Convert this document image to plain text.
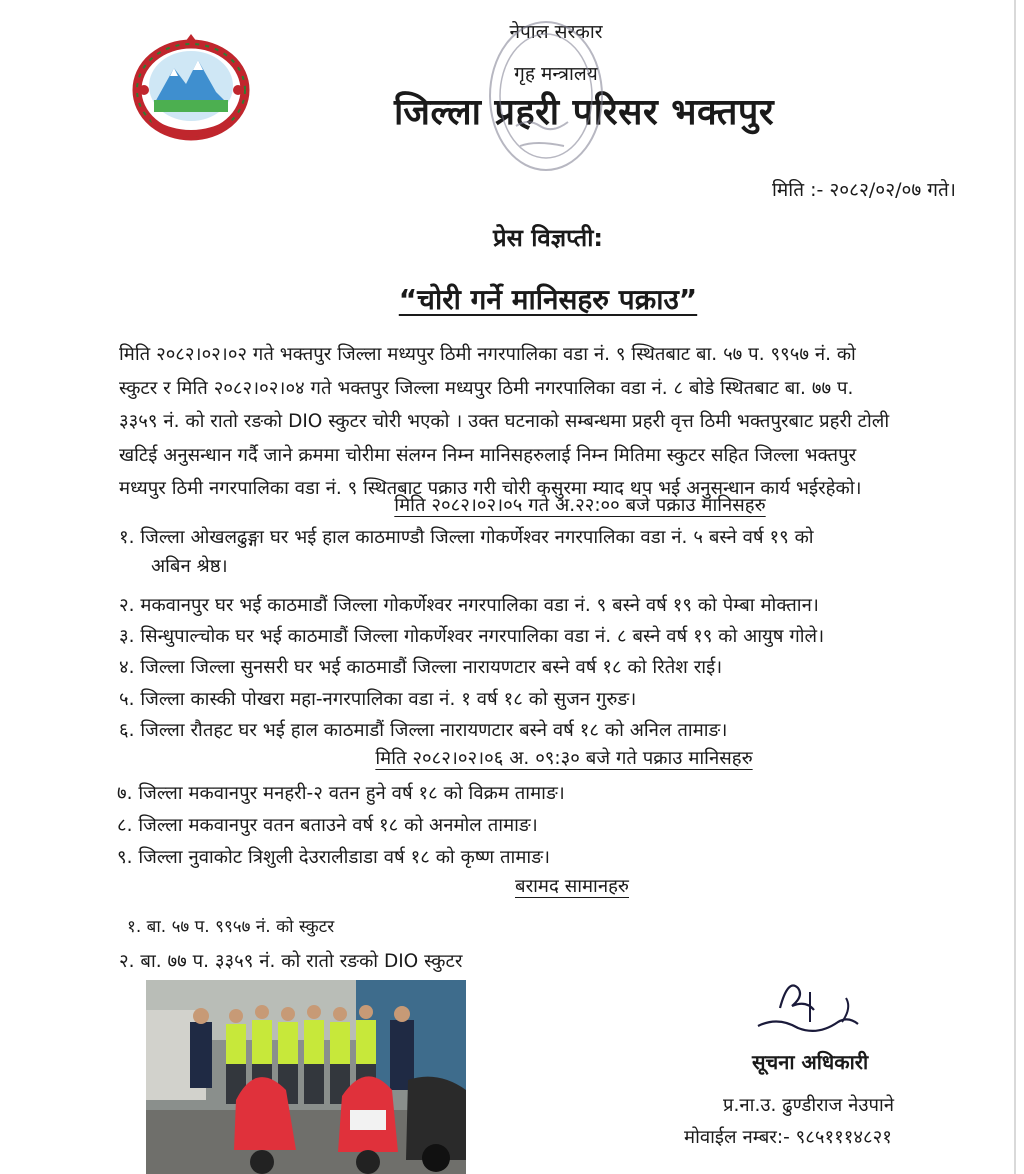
नेपाल सरकार
गृह मन्त्रालय
जिल्ला प्रहरी परिसर भक्तपुर
मिति :- २०८२/०२/०७ गते।
प्रेस विज्ञप्ती:
“चोरी गर्ने मानिसहरु पक्राउ”
मिति २०८२।०२।०२ गते भक्तपुर जिल्ला मध्यपुर ठिमी नगरपालिका वडा नं. ९ स्थितबाट बा. ५७ प. ९९५७ नं. को
स्कुटर र मिति २०८२।०२।०४ गते भक्तपुर जिल्ला मध्यपुर ठिमी नगरपालिका वडा नं. ८ बोडे स्थितबाट बा. ७७ प.
३३५९ नं. को रातो रङको DIO स्कुटर चोरी भएको । उक्त घटनाको सम्बन्धमा प्रहरी वृत्त ठिमी भक्तपुरबाट प्रहरी टोली
खटिई अनुसन्धान गर्दै जाने क्रममा चोरीमा संलग्न निम्न मानिसहरुलाई निम्न मितिमा स्कुटर सहित जिल्ला भक्तपुर
मध्यपुर ठिमी नगरपालिका वडा नं. ९ स्थितबाट पक्राउ गरी चोरी कसुरमा म्याद थप भई अनुसन्धान कार्य भईरहेको।
मिति २०८२।०२।०५ गते अ.२२:०० बजे पक्राउ मानिसहरु
१. जिल्ला ओखलढुङ्गा घर भई हाल काठमाण्डौ जिल्ला गोकर्णेश्वर नगरपालिका वडा नं. ५ बस्ने वर्ष १९ को
अबिन श्रेष्ठ।
२. मकवानपुर घर भई काठमाडौं जिल्ला गोकर्णेश्वर नगरपालिका वडा नं. ९ बस्ने वर्ष १९ को पेम्बा मोक्तान।
३. सिन्धुपाल्चोक घर भई काठमाडौं जिल्ला गोकर्णेश्वर नगरपालिका वडा नं. ८ बस्ने वर्ष १९ को आयुष गोले।
४. जिल्ला जिल्ला सुनसरी घर भई काठमाडौं जिल्ला नारायणटार बस्ने वर्ष १८ को रितेश राई।
५. जिल्ला कास्की पोखरा महा-नगरपालिका वडा नं. १ वर्ष १८ को सुजन गुरुङ।
६. जिल्ला रौतहट घर भई हाल काठमाडौं जिल्ला नारायणटार बस्ने वर्ष १८ को अनिल तामाङ।
मिति २०८२।०२।०६ अ. ०९:३० बजे गते पक्राउ मानिसहरु
७. जिल्ला मकवानपुर मनहरी-२ वतन हुने वर्ष १८ को विक्रम तामाङ।
८. जिल्ला मकवानपुर वतन बताउने वर्ष १८ को अनमोल तामाङ।
९. जिल्ला नुवाकोट त्रिशुली देउरालीडाडा वर्ष १८ को कृष्ण तामाङ।
बरामद सामानहरु
१. बा. ५७ प. ९९५७ नं. को स्कुटर
२. बा. ७७ प. ३३५९ नं. को रातो रङको DIO स्कुटर
सूचना अधिकारी
प्र.ना.उ. ढुण्डीराज नेउपाने
मोवाईल नम्बर:- ९८५१११४८२१
